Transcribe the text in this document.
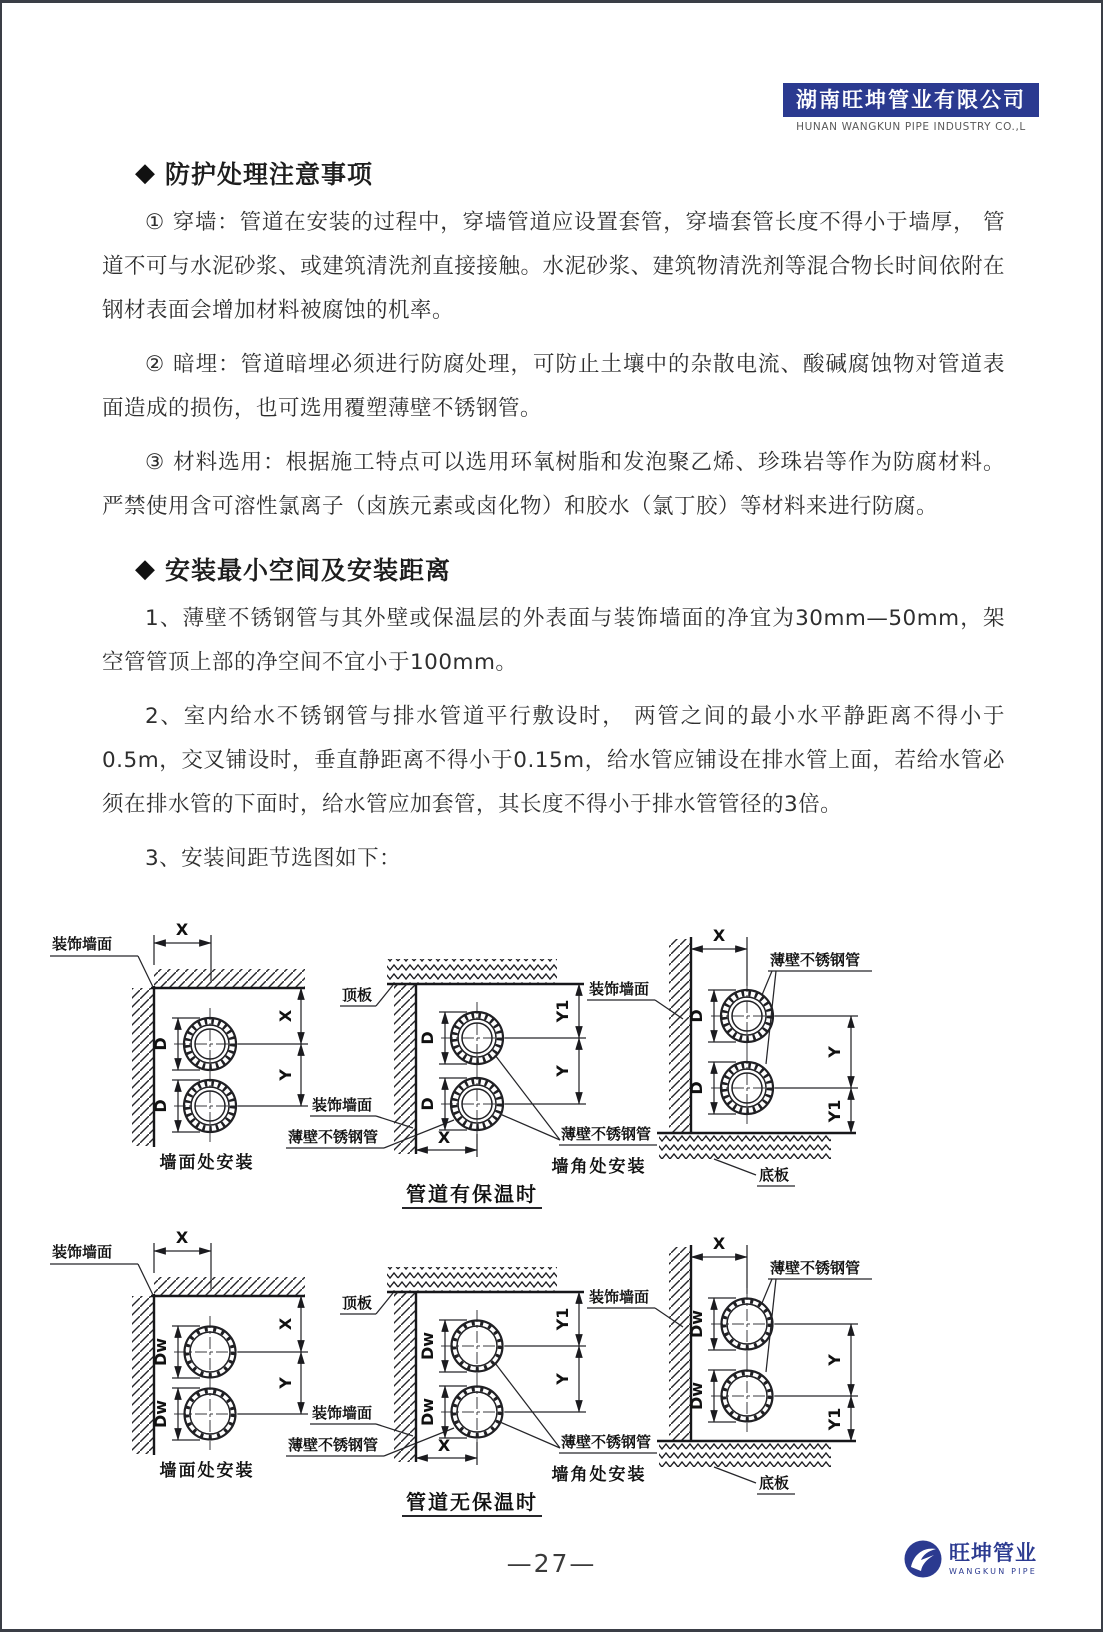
湖南旺坤管业有限公司
HUNAN WANGKUN PIPE INDUSTRY CO.,L
◆ 防护处理注意事项

① 穿墙：管道在安装的过程中，穿墙管道应设置套管，穿墙套管长度不得小于墙厚， 管道不可与水泥砂浆、或建筑清洗剂直接接触。水泥砂浆、建筑物清洗剂等混合物长时间依附在钢材表面会增加材料被腐蚀的机率。

② 暗埋：管道暗埋必须进行防腐处理，可防止土壤中的杂散电流、酸碱腐蚀物对管道表面造成的损伤，也可选用覆塑薄壁不锈钢管。

③ 材料选用：根据施工特点可以选用环氧树脂和发泡聚乙烯、珍珠岩等作为防腐材料。严禁使用含可溶性氯离子（卤族元素或卤化物）和胶水（氯丁胶）等材料来进行防腐。

◆ 安装最小空间及安装距离

1、薄壁不锈钢管与其外壁或保温层的外表面与装饰墙面的净宜为30mm—50mm，架空管管顶上部的净空间不宜小于100mm。

2、室内给水不锈钢管与排水管道平行敷设时， 两管之间的最小水平静距离不得小于0.5m，交叉铺设时，垂直静距离不得小于0.15m，给水管应铺设在排水管上面，若给水管必须在排水管的下面时，给水管应加套管，其长度不得小于排水管管径的3倍。

3、安装间距节选图如下：

装饰墙面
X
D
D
X
Y
墙面处安装
装饰墙面
薄壁不锈钢管
顶板
D
D
Y1
Y
装饰墙面
薄壁不锈钢管
X
墙角处安装
X
薄壁不锈钢管
D
D
Y
Y1
底板
管道有保温时
装饰墙面
X
Dw
Dw
X
Y
墙面处安装
装饰墙面
薄壁不锈钢管
顶板
Dw
Dw
Y1
Y
装饰墙面
薄壁不锈钢管
X
墙角处安装
X
薄壁不锈钢管
Dw
Dw
Y
Y1
底板
管道无保温时
—27—	旺坤管业
WANGKUN PIPE
